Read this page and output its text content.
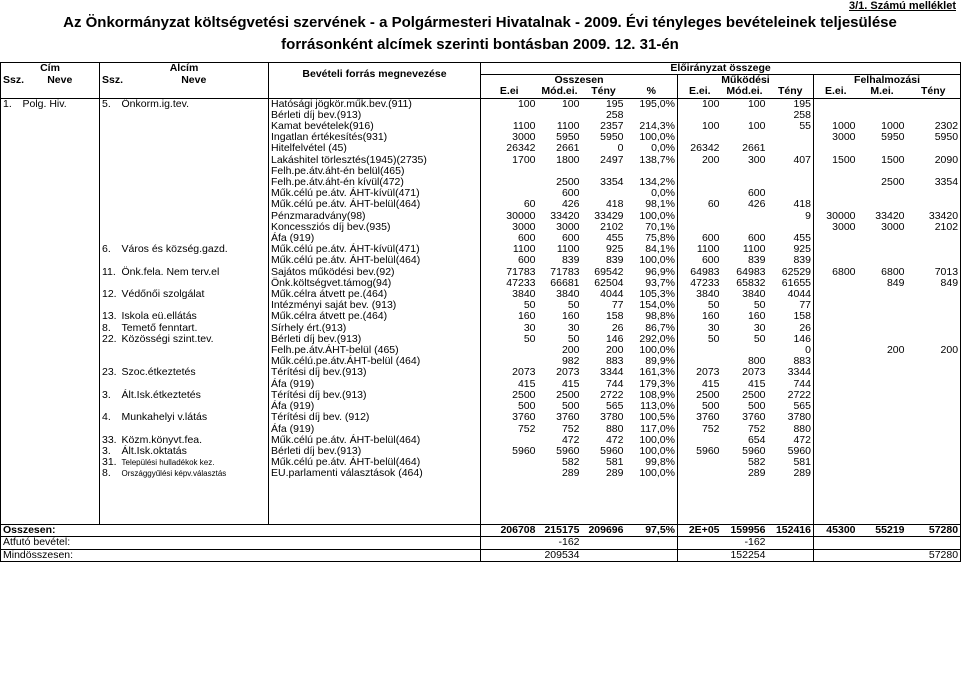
3/1. Számú melléklet
Az Önkormányzat költségvetési szervének - a Polgármesteri Hivatalnak - 2009. Évi tényleges bevételeinek teljesülése
forrásonként alcímek szerinti bontásban 2009. 12. 31-én
Cím		Alcím		Bevételi forrás megnevezése	Előirányzat összege									
Ssz.	Neve	Ssz.	Neve		Összesen				Működési			Felhalmozási		
					E.ei	Mód.ei.	Tény	%	E.ei.	Mód.ei.	Tény	E.ei.	M.ei.	Tény
1.	Polg. Hiv.	5.	Önkorm.ig.tev.	Hatósági jögkör.műk.bev.(911)	100	100	195	195,0%	100	100	195			
				Bérleti díj bev.(913)			258				258			
				Kamat bevételek(916)	1100	1100	2357	214,3%	100	100	55	1000	1000	2302
				Ingatlan értékesítés(931)	3000	5950	5950	100,0%				3000	5950	5950
				Hitelfelvétel (45)	26342	2661	0	0,0%	26342	2661				
				Lakáshitel törlesztés(1945)(2735)	1700	1800	2497	138,7%	200	300	407	1500	1500	2090
				Felh.pe.átv.áht-én belül(465)										
				Felh.pe.átv.áht-én kívül(472)		2500	3354	134,2%					2500	3354
				Műk.célú pe.átv. ÁHT-kívül(471)		600		0,0%		600				
				Műk.célú pe.átv. ÁHT-belül(464)	60	426	418	98,1%	60	426	418			
				Pénzmaradvány(98)	30000	33420	33429	100,0%			9	30000	33420	33420
				Koncessziós díj bev.(935)	3000	3000	2102	70,1%				3000	3000	2102
				Áfa (919)	600	600	455	75,8%	600	600	455			
		6.	Város és község.gazd.	Műk.célú pe.átv. ÁHT-kívül(471)	1100	1100	925	84,1%	1100	1100	925			
				Műk.célú pe.átv. ÁHT-belül(464)	600	839	839	100,0%	600	839	839			
		11.	Önk.fela. Nem terv.el	Sajátos működési bev.(92)	71783	71783	69542	96,9%	64983	64983	62529	6800	6800	7013
				Önk.költségvet.támog(94)	47233	66681	62504	93,7%	47233	65832	61655		849	849
		12.	Védőnői szolgálat	Műk.célra átvett pe.(464)	3840	3840	4044	105,3%	3840	3840	4044			
				Intézményi saját bev. (913)	50	50	77	154,0%	50	50	77			
		13.	Iskola eü.ellátás	Műk.célra átvett pe.(464)	160	160	158	98,8%	160	160	158			
		8.	Temető fenntart.	Sírhely ért.(913)	30	30	26	86,7%	30	30	26			
		22.	Közösségi szint.tev.	Bérleti díj bev.(913)	50	50	146	292,0%	50	50	146			
				Felh.pe.átv.ÁHT-belül (465)		200	200	100,0%			0		200	200
				Műk.célú.pe.átv.ÁHT-belül (464)		982	883	89,9%		800	883			
		23.	Szoc.étkeztetés	Térítési díj bev.(913)	2073	2073	3344	161,3%	2073	2073	3344			
				Áfa (919)	415	415	744	179,3%	415	415	744			
		3.	Ált.Isk.étkeztetés	Térítési díj bev.(913)	2500	2500	2722	108,9%	2500	2500	2722			
				Áfa (919)	500	500	565	113,0%	500	500	565			
		4.	Munkahelyi v.látás	Térítési díj bev. (912)	3760	3760	3780	100,5%	3760	3760	3780			
				Áfa (919)	752	752	880	117,0%	752	752	880			
		33.	Közm.könyvt.fea.	Műk.célú pe.átv. ÁHT-belül(464)		472	472	100,0%		654	472			
		3.	Ált.Isk.oktatás	Bérleti díj bev.(913)	5960	5960	5960	100,0%	5960	5960	5960			
		31.	Települési hulladékok kez.	Műk.célú pe.átv. ÁHT-belül(464)		582	581	99,8%		582	581			
		8.	Országgyűlési képv.választás	EU.parlamenti választások (464)		289	289	100,0%		289	289			

Összesen:					206708	215175	209696	97,5%	2E+05	159956	152416	45300	55219	57280
Átfutó bevétel:						-162				-162				
Mindösszesen:						209534				152254				57280
